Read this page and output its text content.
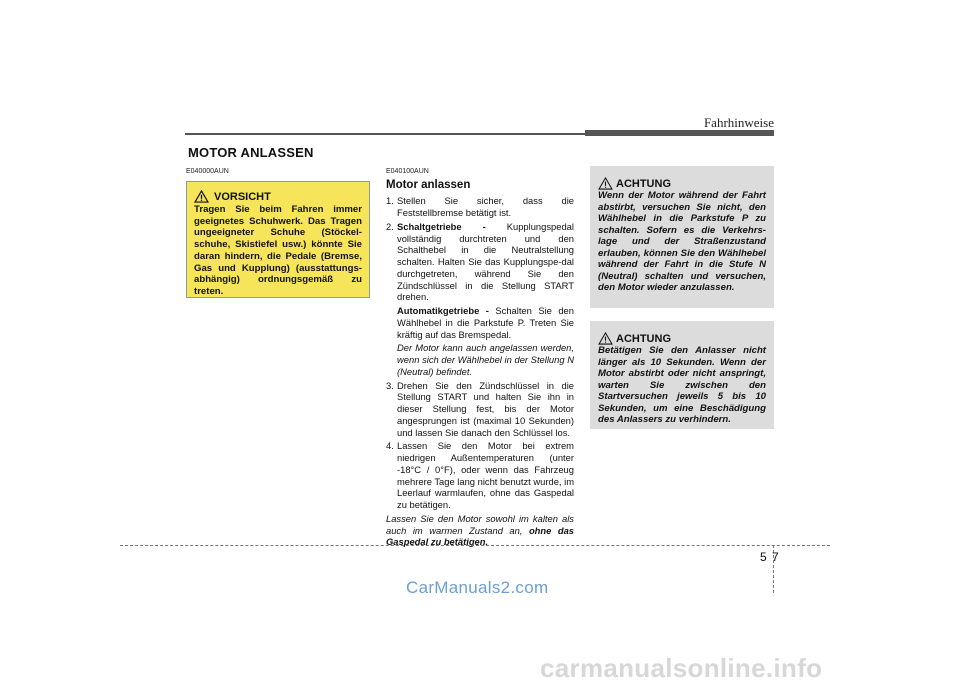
Fahrhinweise
MOTOR ANLASSEN
E040000AUN	E040100AUN
VORSICHT
Tragen Sie beim Fahren immer geeignetes Schuhwerk. Das Tragen ungeeigneter Schuhe (Stöckel-schuhe, Skistiefel usw.) könnte Sie daran hindern, die Pedale (Bremse, Gas und Kupplung) (ausstattungs-abhängig) ordnungsgemäß zu treten.
Motor anlassen
1. Stellen Sie sicher, dass die Feststellbremse betätigt ist.
2. Schaltgetriebe - Kupplungspedal vollständig durchtreten und den Schalthebel in die Neutralstellung schalten. Halten Sie das Kupplungspe-dal durchgetreten, während Sie den Zündschlüssel in die Stellung START drehen.
Automatikgetriebe - Schalten Sie den Wählhebel in die Parkstufe P. Treten Sie kräftig auf das Bremspedal.
Der Motor kann auch angelassen werden, wenn sich der Wählhebel in der Stellung N (Neutral) befindet.
3. Drehen Sie den Zündschlüssel in die Stellung START und halten Sie ihn in dieser Stellung fest, bis der Motor angesprungen ist (maximal 10 Sekunden) und lassen Sie danach den Schlüssel los.
4. Lassen Sie den Motor bei extrem niedrigen Außentemperaturen (unter -18°C / 0°F), oder wenn das Fahrzeug mehrere Tage lang nicht benutzt wurde, im Leerlauf warmlaufen, ohne das Gaspedal zu betätigen.
Lassen Sie den Motor sowohl im kalten als auch im warmen Zustand an, ohne das Gaspedal zu betätigen.
ACHTUNG
Wenn der Motor während der Fahrt abstirbt, versuchen Sie nicht, den Wählhebel in die Parkstufe P zu schalten. Sofern es die Verkehrs-lage und der Straßenzustand erlauben, können Sie den Wählhebel während der Fahrt in die Stufe N (Neutral) schalten und versuchen, den Motor wieder anzulassen.
ACHTUNG
Betätigen Sie den Anlasser nicht länger als 10 Sekunden. Wenn der Motor abstirbt oder nicht anspringt, warten Sie zwischen den Startversuchen jeweils 5 bis 10 Sekunden, um eine Beschädigung des Anlassers zu verhindern.
5 7
CarManuals2.com
carmanualsonline.info
